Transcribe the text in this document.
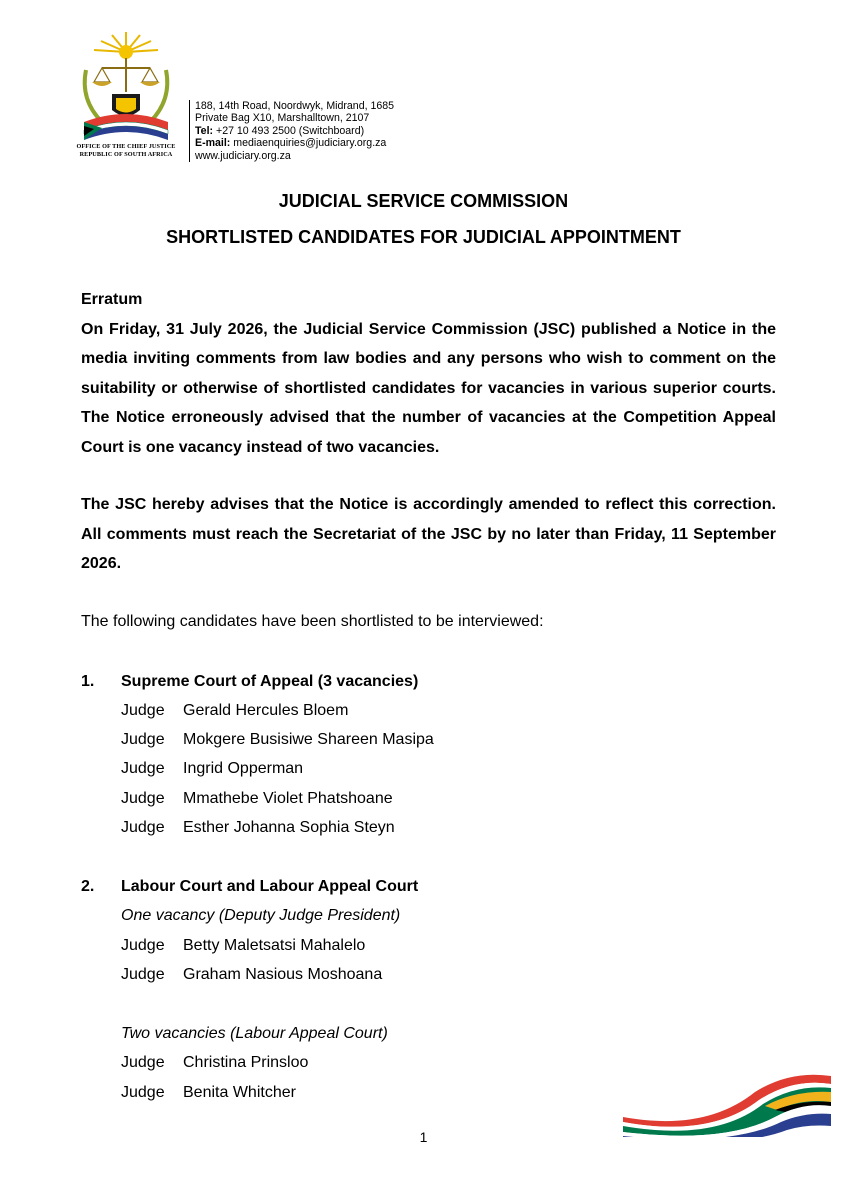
OFFICE OF THE CHIEF JUSTICE
REPUBLIC OF SOUTH AFRICA
188, 14th Road, Noordwyk, Midrand, 1685
Private Bag X10, Marshalltown, 2107
Tel: +27 10 493 2500 (Switchboard)
E-mail: mediaenquiries@judiciary.org.za
www.judiciary.org.za
JUDICIAL SERVICE COMMISSION
SHORTLISTED CANDIDATES FOR JUDICIAL APPOINTMENT
Erratum
On Friday, 31 July 2026, the Judicial Service Commission (JSC) published a Notice in the media inviting comments from law bodies and any persons who wish to comment on the suitability or otherwise of shortlisted candidates for vacancies in various superior courts. The Notice erroneously advised that the number of vacancies at the Competition Appeal Court is one vacancy instead of two vacancies.
The JSC hereby advises that the Notice is accordingly amended to reflect this correction. All comments must reach the Secretariat of the JSC by no later than Friday, 11 September 2026.
The following candidates have been shortlisted to be interviewed:
1. Supreme Court of Appeal (3 vacancies)
Judge Gerald Hercules Bloem
Judge Mokgere Busisiwe Shareen Masipa
Judge Ingrid Opperman
Judge Mmathebe Violet Phatshoane
Judge Esther Johanna Sophia Steyn
2. Labour Court and Labour Appeal Court
One vacancy (Deputy Judge President)
Judge Betty Maletsatsi Mahalelo
Judge Graham Nasious Moshoana
Two vacancies (Labour Appeal Court)
Judge Christina Prinsloo
Judge Benita Whitcher
1
